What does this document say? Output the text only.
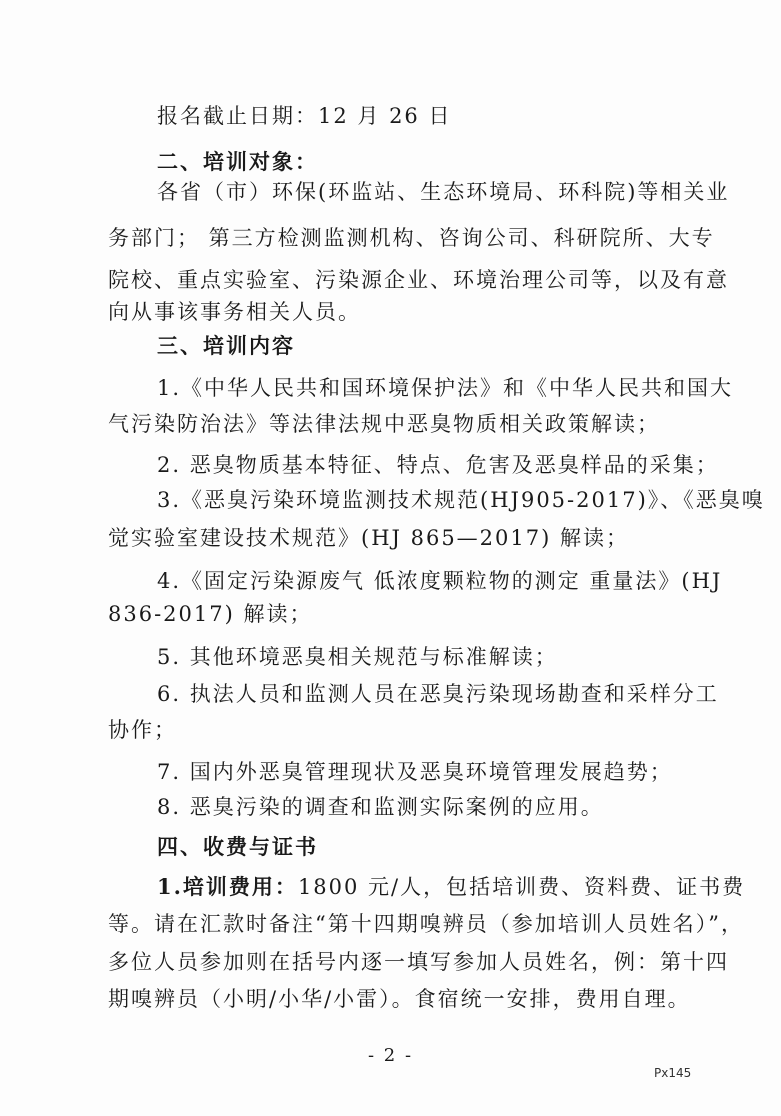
报名截止日期：12 月 26 日
二、培训对象：
各省（市）环保(环监站、生态环境局、环科院)等相关业
务部门； 第三方检测监测机构、咨询公司、科研院所、大专
院校、重点实验室、污染源企业、环境治理公司等，以及有意
向从事该事务相关人员。
三、培训内容
1.《中华人民共和国环境保护法》和《中华人民共和国大
气污染防治法》等法律法规中恶臭物质相关政策解读；
2. 恶臭物质基本特征、特点、危害及恶臭样品的采集；
3.《恶臭污染环境监测技术规范(HJ905-2017)》、《恶臭嗅
觉实验室建设技术规范》(HJ 865—2017) 解读；
4.《固定污染源废气 低浓度颗粒物的测定 重量法》(HJ
836-2017) 解读；
5. 其他环境恶臭相关规范与标准解读；
6. 执法人员和监测人员在恶臭污染现场勘查和采样分工
协作；
7. 国内外恶臭管理现状及恶臭环境管理发展趋势；
8. 恶臭污染的调查和监测实际案例的应用。
四、收费与证书
1.培训费用：1800 元/人，包括培训费、资料费、证书费
等。请在汇款时备注“第十四期嗅辨员（参加培训人员姓名）”，
多位人员参加则在括号内逐一填写参加人员姓名，例：第十四
期嗅辨员（小明/小华/小雷）。食宿统一安排，费用自理。
- 2 -
Px145
